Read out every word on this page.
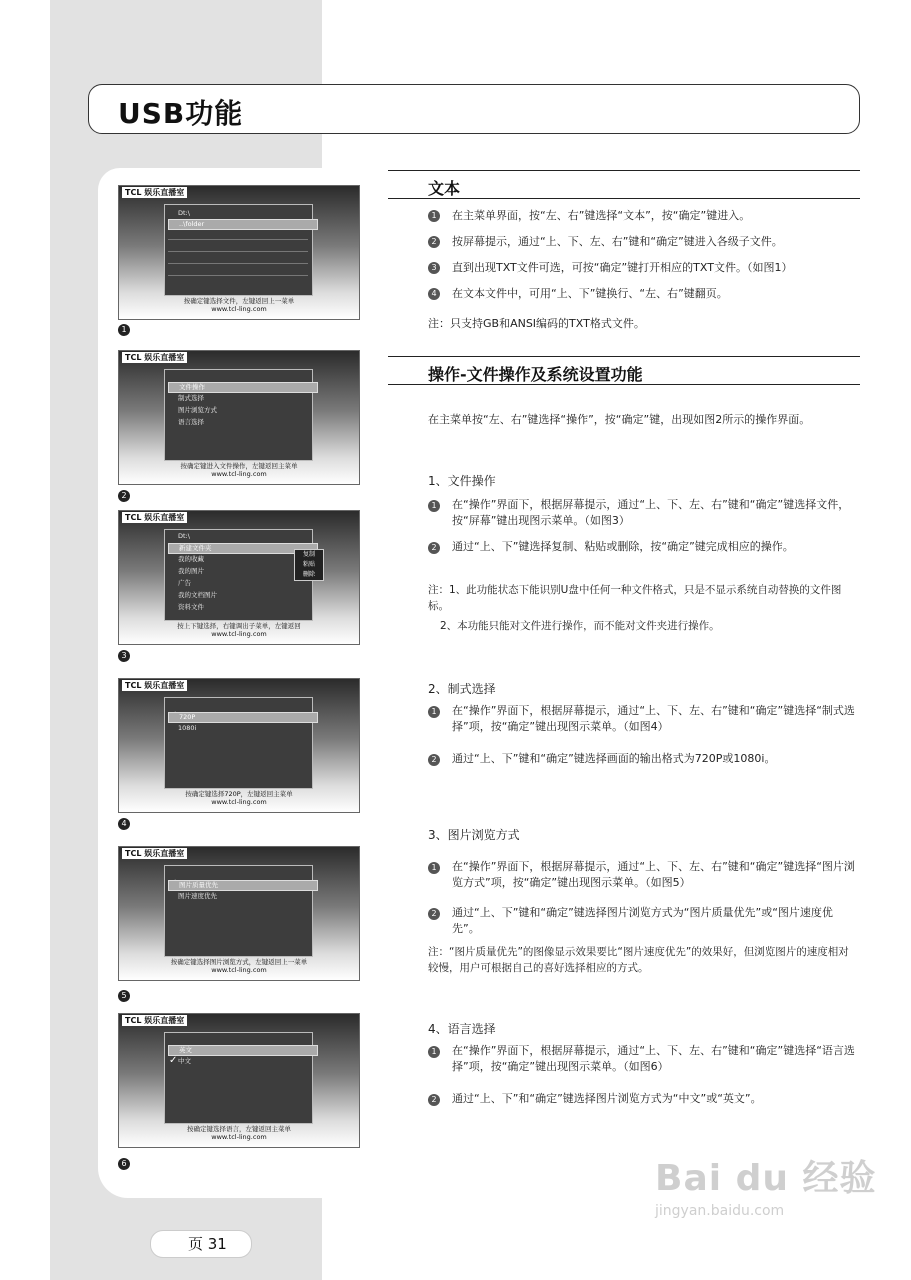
USB功能
TCL 娱乐直播室
Dt:\
..\folder
按确定键选择文件，左键返回上一菜单
www.tcl-ling.com
1
TCL 娱乐直播室
文件操作
制式选择
图片浏览方式
语言选择
按确定键进入文件操作，左键返回主菜单
www.tcl-ling.com
2
TCL 娱乐直播室
Dt:\
新建文件夹
我的收藏
我的图片
广告
我的文档图片
资料文件
复制
粘贴
删除
按上下键选择，右键调出子菜单，左键返回
www.tcl-ling.com
3
TCL 娱乐直播室
720P
1080i
按确定键选择720P，左键返回主菜单
www.tcl-ling.com
4
TCL 娱乐直播室
图片质量优先
图片速度优先
按确定键选择图片浏览方式，左键返回上一菜单
www.tcl-ling.com
5
TCL 娱乐直播室
英文
✓ 中文
按确定键选择语言，左键返回主菜单
www.tcl-ling.com
6
文本
1	在主菜单界面，按“左、右”键选择“文本”，按“确定”键进入。
2	按屏幕提示，通过“上、下、左、右”键和“确定”键进入各级子文件。
3	直到出现TXT文件可选，可按“确定”键打开相应的TXT文件。（如图1）
4	在文本文件中，可用“上、下”键换行、“左、右”键翻页。
注：只支持GB和ANSI编码的TXT格式文件。
操作-文件操作及系统设置功能
在主菜单按“左、右”键选择“操作”，按“确定”键，出现如图2所示的操作界面。
1、文件操作
1	在“操作”界面下，根据屏幕提示，通过“上、下、左、右”键和“确定”键选择文件，按“屏幕”键出现图示菜单。（如图3）
2	通过“上、下”键选择复制、粘贴或删除，按“确定”键完成相应的操作。
注：1、此功能状态下能识别U盘中任何一种文件格式，只是不显示系统自动替换的文件图标。
2、本功能只能对文件进行操作，而不能对文件夹进行操作。
2、制式选择
1	在“操作”界面下，根据屏幕提示，通过“上、下、左、右”键和“确定”键选择“制式选择”项，按“确定”键出现图示菜单。（如图4）
2	通过“上、下”键和“确定”键选择画面的输出格式为720P或1080i。
3、图片浏览方式
1	在“操作”界面下，根据屏幕提示，通过“上、下、左、右”键和“确定”键选择“图片浏览方式”项，按“确定”键出现图示菜单。（如图5）
2	通过“上、下”键和“确定”键选择图片浏览方式为“图片质量优先”或“图片速度优先”。
注：“图片质量优先”的图像显示效果要比“图片速度优先”的效果好，但浏览图片的速度相对较慢，用户可根据自己的喜好选择相应的方式。
4、语言选择
1	在“操作”界面下，根据屏幕提示，通过“上、下、左、右”键和“确定”键选择“语言选择”项，按“确定”键出现图示菜单。（如图6）
2	通过“上、下”和“确定”键选择图片浏览方式为“中文”或“英文”。
页 31
Bai du 经验
jingyan.baidu.com
